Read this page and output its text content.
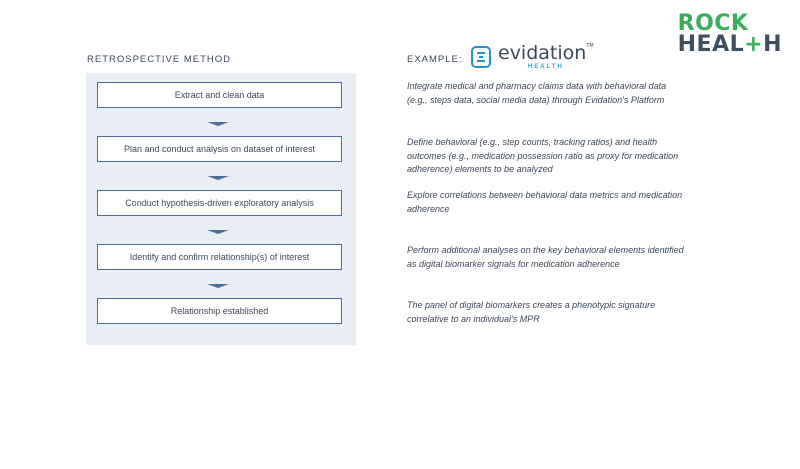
ROCK
HEAL+H
RETROSPECTIVE METHOD
Extract and clean data
Plan and conduct analysis on dataset of interest
Conduct hypothesis-driven exploratory analysis
Identify and confirm relationship(s) of interest
Relationship established
EXAMPLE: evidation™
HEALTH
Integrate medical and pharmacy claims data with behavioral data (e.g., steps data, social media data) through Evidation's Platform
Define behavioral (e.g., step counts, tracking ratios) and health outcomes (e.g., medication possession ratio as proxy for medication adherence) elements to be analyzed
Explore correlations between behavioral data metrics and medication adherence
Perform additional analyses on the key behavioral elements identified as digital biomarker signals for medication adherence
The panel of digital biomarkers creates a phenotypic signature correlative to an individual's MPR
